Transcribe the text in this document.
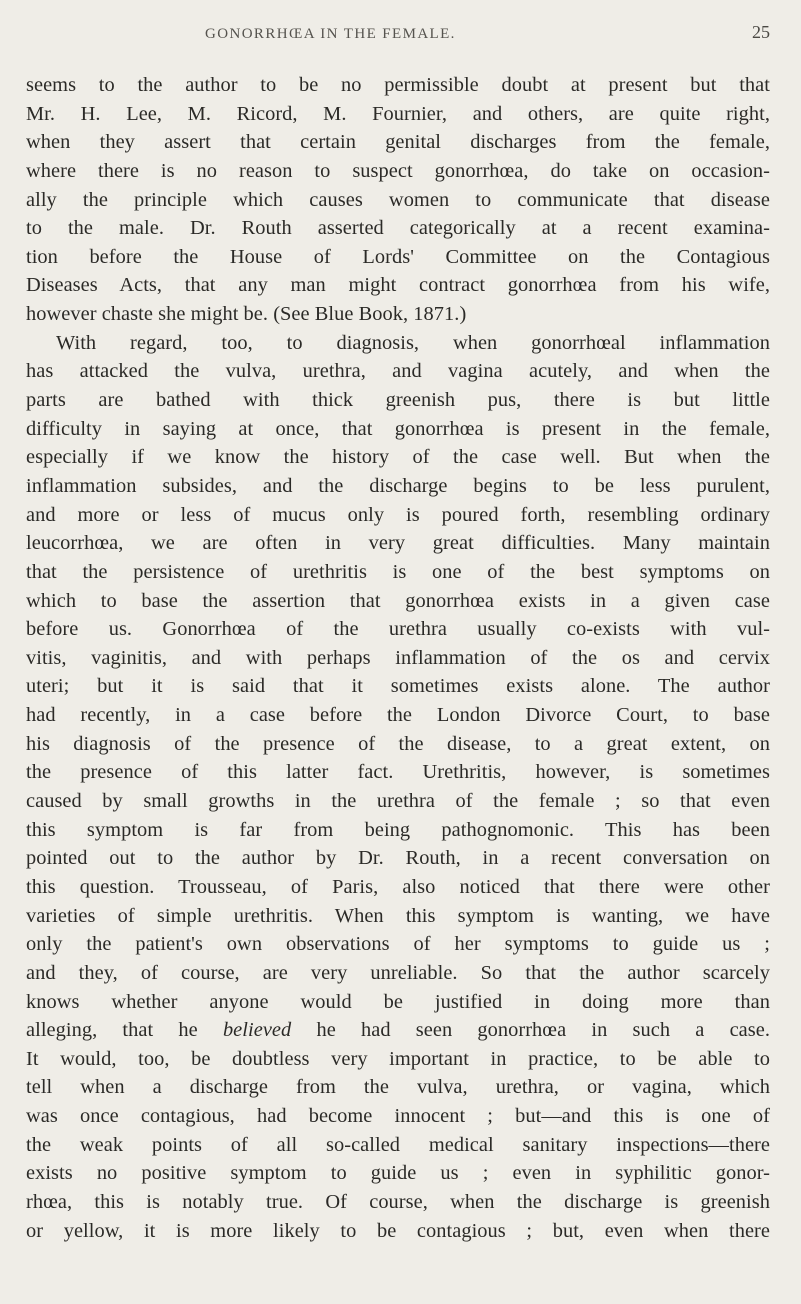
GONORRHŒA IN THE FEMALE.	25
seems to the author to be no permissible doubt at present but that
Mr. H. Lee, M. Ricord, M. Fournier, and others, are quite right,
when they assert that certain genital discharges from the female,
where there is no reason to suspect gonorrhœa, do take on occasion-
ally the principle which causes women to communicate that disease
to the male. Dr. Routh asserted categorically at a recent examina-
tion before the House of Lords' Committee on the Contagious
Diseases Acts, that any man might contract gonorrhœa from his wife,
however chaste she might be. (See Blue Book, 1871.)
With regard, too, to diagnosis, when gonorrhœal inflammation
has attacked the vulva, urethra, and vagina acutely, and when the
parts are bathed with thick greenish pus, there is but little
difficulty in saying at once, that gonorrhœa is present in the female,
especially if we know the history of the case well. But when the
inflammation subsides, and the discharge begins to be less purulent,
and more or less of mucus only is poured forth, resembling ordinary
leucorrhœa, we are often in very great difficulties. Many maintain
that the persistence of urethritis is one of the best symptoms on
which to base the assertion that gonorrhœa exists in a given case
before us. Gonorrhœa of the urethra usually co-exists with vul-
vitis, vaginitis, and with perhaps inflammation of the os and cervix
uteri; but it is said that it sometimes exists alone. The author
had recently, in a case before the London Divorce Court, to base
his diagnosis of the presence of the disease, to a great extent, on
the presence of this latter fact. Urethritis, however, is sometimes
caused by small growths in the urethra of the female ; so that even
this symptom is far from being pathognomonic. This has been
pointed out to the author by Dr. Routh, in a recent conversation on
this question. Trousseau, of Paris, also noticed that there were other
varieties of simple urethritis. When this symptom is wanting, we have
only the patient's own observations of her symptoms to guide us ;
and they, of course, are very unreliable. So that the author scarcely
knows whether anyone would be justified in doing more than
alleging, that he believed he had seen gonorrhœa in such a case.
It would, too, be doubtless very important in practice, to be able to
tell when a discharge from the vulva, urethra, or vagina, which
was once contagious, had become innocent ; but—and this is one of
the weak points of all so-called medical sanitary inspections—there
exists no positive symptom to guide us ; even in syphilitic gonor-
rhœa, this is notably true. Of course, when the discharge is greenish
or yellow, it is more likely to be contagious ; but, even when there
